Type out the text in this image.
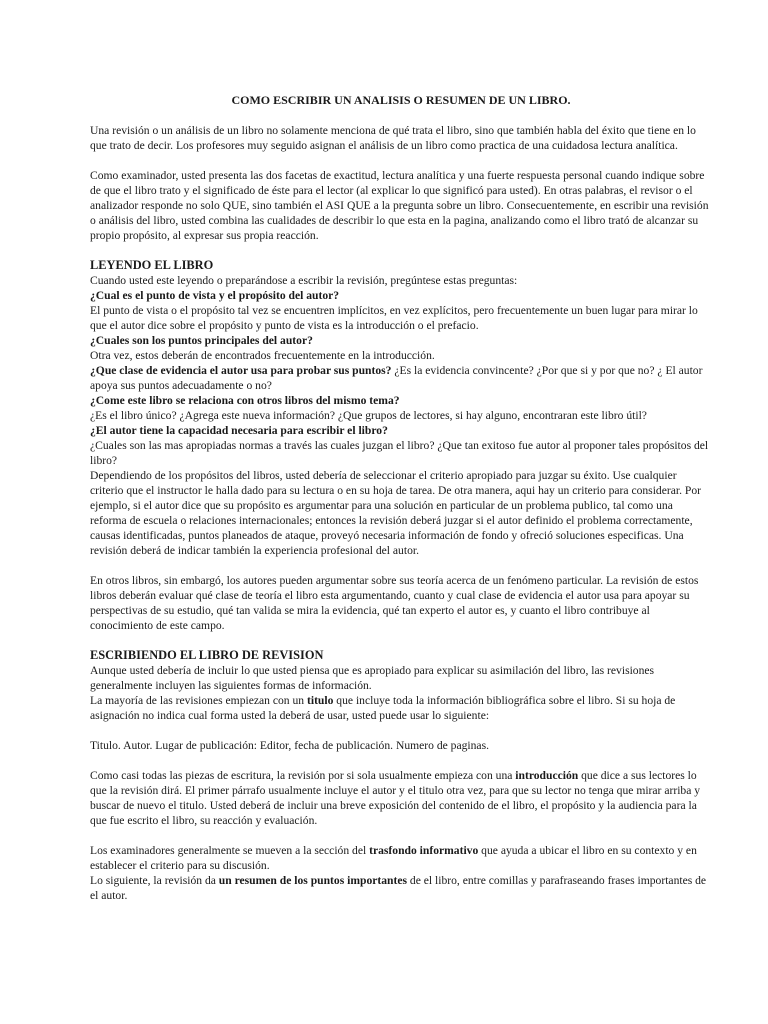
COMO ESCRIBIR UN ANALISIS O RESUMEN DE UN LIBRO.

Una revisión o un análisis de un libro no solamente menciona de qué trata el libro, sino que también habla del éxito que tiene en lo que trato de decir. Los profesores muy seguido asignan el análisis de un libro como practica de una cuidadosa lectura analítica.

Como examinador, usted presenta las dos facetas de exactitud, lectura analítica y una fuerte respuesta personal cuando indique sobre de que el libro trato y el significado de éste para el lector (al explicar lo que significó para usted). En otras palabras, el revisor o el analizador responde no solo QUE, sino también el ASI QUE a la pregunta sobre un libro. Consecuentemente, en escribir una revisión o análisis del libro, usted combina las cualidades de describir lo que esta en la pagina, analizando como el libro trató de alcanzar su propio propósito, al expresar sus propia reacción.

LEYENDO EL LIBRO

Cuando usted este leyendo o preparándose a escribir la revisión, pregúntese estas preguntas:

¿Cual es el punto de vista y el propósito del autor?

El punto de vista o el propósito tal vez se encuentren implícitos, en vez explícitos, pero frecuentemente un buen lugar para mirar lo que el autor dice sobre el propósito y punto de vista es la introducción o el prefacio.

¿Cuales son los puntos principales del autor?

Otra vez, estos deberán de encontrados frecuentemente en la introducción.

¿Que clase de evidencia el autor usa para probar sus puntos? ¿Es la evidencia convincente? ¿Por que si y por que no? ¿ El autor apoya sus puntos adecuadamente o no?

¿Come este libro se relaciona con otros libros del mismo tema?

¿Es el libro único? ¿Agrega este nueva información? ¿Que grupos de lectores, si hay alguno, encontraran este libro útil?

¿El autor tiene la capacidad necesaria para escribir el libro?

¿Cuales son las mas apropiadas normas a través las cuales juzgan el libro? ¿Que tan exitoso fue autor al proponer tales propósitos del libro?

Dependiendo de los propósitos del libros, usted debería de seleccionar el criterio apropiado para juzgar su éxito. Use cualquier criterio que el instructor le halla dado para su lectura o en su hoja de tarea. De otra manera, aqui hay un criterio para considerar. Por ejemplo, si el autor dice que su propósito es argumentar para una solución en particular de un problema publico, tal como una reforma de escuela o relaciones internacionales; entonces la revisión deberá juzgar si el autor definido el problema correctamente, causas identificadas, puntos planeados de ataque, proveyó necesaria información de fondo y ofreció soluciones especificas. Una revisión deberá de indicar también la experiencia profesional del autor.

En otros libros, sin embargó, los autores pueden argumentar sobre sus teoría acerca de un fenómeno particular. La revisión de estos libros deberán evaluar qué clase de teoría el libro esta argumentando, cuanto y cual clase de evidencia el autor usa para apoyar su perspectivas de su estudio, qué tan valida se mira la evidencia, qué tan experto el autor es, y cuanto el libro contribuye al conocimiento de este campo.

ESCRIBIENDO EL LIBRO DE REVISION

Aunque usted debería de incluir lo que usted piensa que es apropiado para explicar su asimilación del libro, las revisiones generalmente incluyen las siguientes formas de información.

La mayoría de las revisiones empiezan con un titulo que incluye toda la información bibliográfica sobre el libro. Si su hoja de asignación no indica cual forma usted la deberá de usar, usted puede usar lo siguiente:

Titulo. Autor. Lugar de publicación: Editor, fecha de publicación. Numero de paginas.

Como casi todas las piezas de escritura, la revisión por si sola usualmente empieza con una introducción que dice a sus lectores lo que la revisión dirá. El primer párrafo usualmente incluye el autor y el titulo otra vez, para que su lector no tenga que mirar arriba y buscar de nuevo el titulo. Usted deberá de incluir una breve exposición del contenido de el libro, el propósito y la audiencia para la que fue escrito el libro, su reacción y evaluación.

Los examinadores generalmente se mueven a la sección del trasfondo informativo que ayuda a ubicar el libro en su contexto y en establecer el criterio para su discusión.

Lo siguiente, la revisión da un resumen de los puntos importantes de el libro, entre comillas y parafraseando frases importantes de el autor.
